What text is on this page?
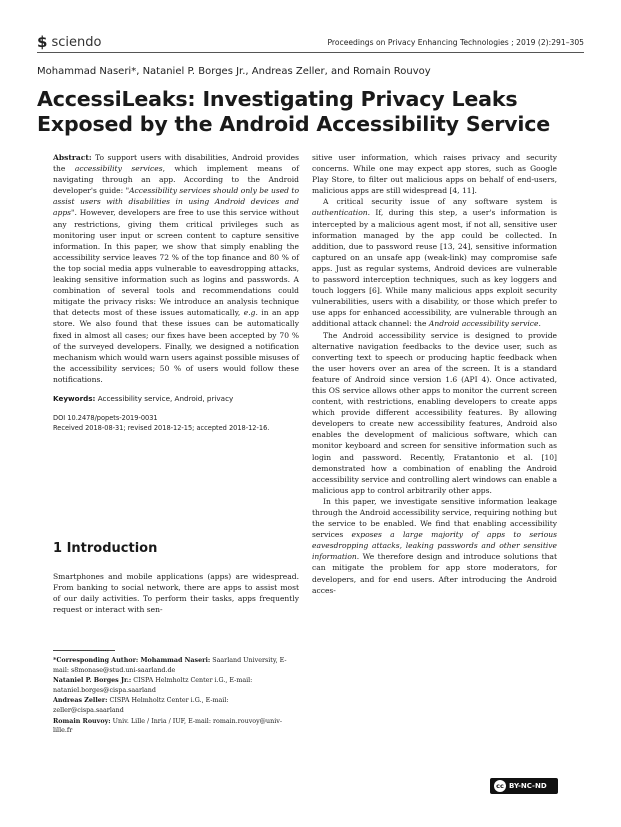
$ sciendo	Proceedings on Privacy Enhancing Technologies ; 2019 (2):291–305
Mohammad Naseri*, Nataniel P. Borges Jr., Andreas Zeller, and Romain Rouvoy
AccessiLeaks: Investigating Privacy Leaks Exposed by the Android Accessibility Service

Abstract: To support users with disabilities, Android provides the accessibility services, which implement means of navigating through an app. According to the Android developer's guide: "Accessibility services should only be used to assist users with disabilities in using Android devices and apps". However, developers are free to use this service without any restrictions, giving them critical privileges such as monitoring user input or screen content to capture sensitive information. In this paper, we show that simply enabling the accessibility service leaves 72 % of the top finance and 80 % of the top social media apps vulnerable to eavesdropping attacks, leaking sensitive information such as logins and passwords. A combination of several tools and recommendations could mitigate the privacy risks: We introduce an analysis technique that detects most of these issues automatically, e.g. in an app store. We also found that these issues can be automatically fixed in almost all cases; our fixes have been accepted by 70 % of the surveyed developers. Finally, we designed a notification mechanism which would warn users against possible misuses of the accessibility services; 50 % of users would follow these notifications.

Keywords: Accessibility service, Android, privacy

DOI 10.2478/popets-2019-0031
Received 2018-08-31; revised 2018-12-15; accepted 2018-12-16.

1 Introduction

Smartphones and mobile applications (apps) are widespread. From banking to social network, there are apps to assist most of our daily activities. To perform their tasks, apps frequently request or interact with sen-

*Corresponding Author: Mohammad Naseri: Saarland University, E-mail: s8monase@stud.uni-saarland.de

Nataniel P. Borges Jr.: CISPA Helmholtz Center i.G., E-mail: nataniel.borges@cispa.saarland

Andreas Zeller: CISPA Helmholtz Center i.G., E-mail: zeller@cispa.saarland

Romain Rouvoy: Univ. Lille / Inria / IUF, E-mail: romain.rouvoy@univ-lille.fr

sitive user information, which raises privacy and security concerns. While one may expect app stores, such as Google Play Store, to filter out malicious apps on behalf of end-users, malicious apps are still widespread [4, 11].

A critical security issue of any software system is authentication. If, during this step, a user's information is intercepted by a malicious agent most, if not all, sensitive user information managed by the app could be collected. In addition, due to password reuse [13, 24], sensitive information captured on an unsafe app (weak-link) may compromise safe apps. Just as regular systems, Android devices are vulnerable to password interception techniques, such as key loggers and touch loggers [6]. While many malicious apps exploit security vulnerabilities, users with a disability, or those which prefer to use apps for enhanced accessibility, are vulnerable through an additional attack channel: the Android accessibility service.

The Android accessibility service is designed to provide alternative navigation feedbacks to the device user, such as converting text to speech or producing haptic feedback when the user hovers over an area of the screen. It is a standard feature of Android since version 1.6 (API 4). Once activated, this OS service allows other apps to monitor the current screen content, with restrictions, enabling developers to create apps which provide different accessibility features. By allowing developers to create new accessibility features, Android also enables the development of malicious software, which can monitor keyboard and screen for sensitive information such as login and password. Recently, Fratantonio et al. [10] demonstrated how a combination of enabling the Android accessibility service and controlling alert windows can enable a malicious app to control arbitrarily other apps.

In this paper, we investigate sensitive information leakage through the Android accessibility service, requiring nothing but the service to be enabled. We find that enabling accessibility services exposes a large majority of apps to serious eavesdropping attacks, leaking passwords and other sensitive information. We therefore design and introduce solutions that can mitigate the problem for app store moderators, for developers, and for end users. After introducing the Android acces-

cc BY-NC-ND
